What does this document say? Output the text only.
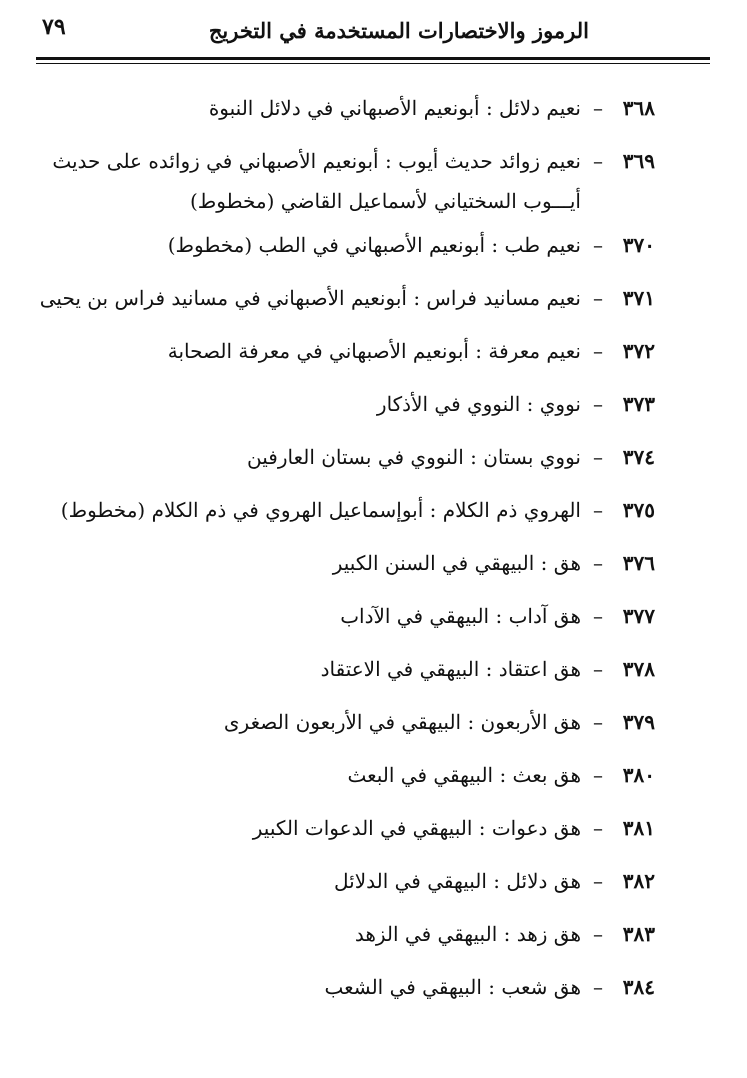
٧٩	الرموز والاختصارات المستخدمة في التخريج
٣٦٨
–
نعيم دلائل : أبونعيم الأصبهاني في دلائل النبوة
٣٦٩
–
نعيم زوائد حديث أيوب : أبونعيم الأصبهاني في زوائده على حديث أيـــوب السختياني لأسماعيل القاضي (مخطوط)
٣٧٠
–
نعيم طب : أبونعيم الأصبهاني في الطب (مخطوط)
٣٧١
–
نعيم مسانيد فراس : أبونعيم الأصبهاني في مسانيد فراس بن يحيى
٣٧٢
–
نعيم معرفة : أبونعيم الأصبهاني في معرفة الصحابة
٣٧٣
–
نووي : النووي في الأذكار
٣٧٤
–
نووي بستان : النووي في بستان العارفين
٣٧٥
–
الهروي ذم الكلام : أبوإسماعيل الهروي في ذم الكلام (مخطوط)
٣٧٦
–
هق : البيهقي في السنن الكبير
٣٧٧
–
هق آداب : البيهقي في الآداب
٣٧٨
–
هق اعتقاد : البيهقي في الاعتقاد
٣٧٩
–
هق الأربعون : البيهقي في الأربعون الصغرى
٣٨٠
–
هق بعث : البيهقي في البعث
٣٨١
–
هق دعوات : البيهقي في الدعوات الكبير
٣٨٢
–
هق دلائل : البيهقي في الدلائل
٣٨٣
–
هق زهد : البيهقي في الزهد
٣٨٤
–
هق شعب : البيهقي في الشعب
